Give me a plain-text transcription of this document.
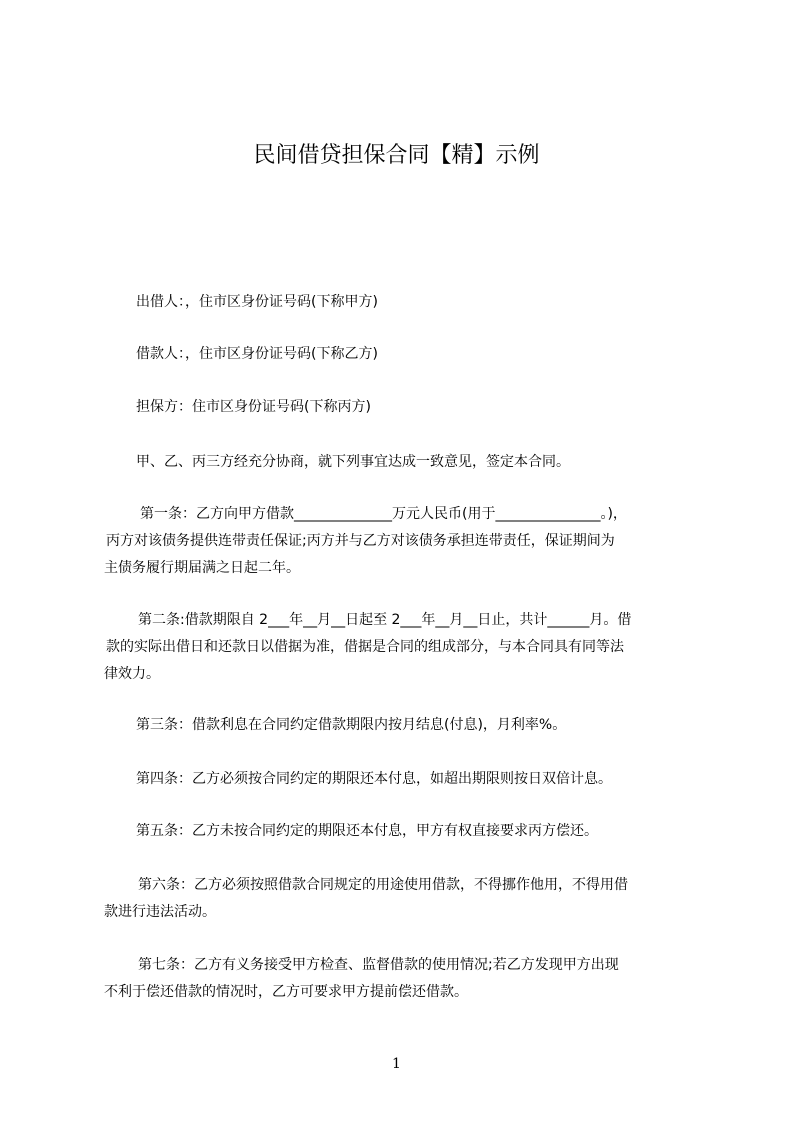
民间借贷担保合同【精】示例
出借人：，住市区身份证号码(下称甲方)
借款人：，住市区身份证号码(下称乙方)
担保方：住市区身份证号码(下称丙方)
甲、乙、丙三方经充分协商，就下列事宜达成一致意见，签定本合同。
第一条：乙方向甲方借款______________万元人民币(用于_______________。)，
丙方对该债务提供连带责任保证;丙方并与乙方对该债务承担连带责任，保证期间为
主债务履行期届满之日起二年。
第二条:借款期限自 2___年__月__日起至 2___年__月__日止，共计______月。借
款的实际出借日和还款日以借据为准，借据是合同的组成部分，与本合同具有同等法
律效力。
第三条：借款利息在合同约定借款期限内按月结息(付息)，月利率%。
第四条：乙方必须按合同约定的期限还本付息，如超出期限则按日双倍计息。
第五条：乙方未按合同约定的期限还本付息，甲方有权直接要求丙方偿还。
第六条：乙方必须按照借款合同规定的用途使用借款，不得挪作他用，不得用借
款进行违法活动。
第七条：乙方有义务接受甲方检查、监督借款的使用情况;若乙方发现甲方出现
不利于偿还借款的情况时，乙方可要求甲方提前偿还借款。
1
